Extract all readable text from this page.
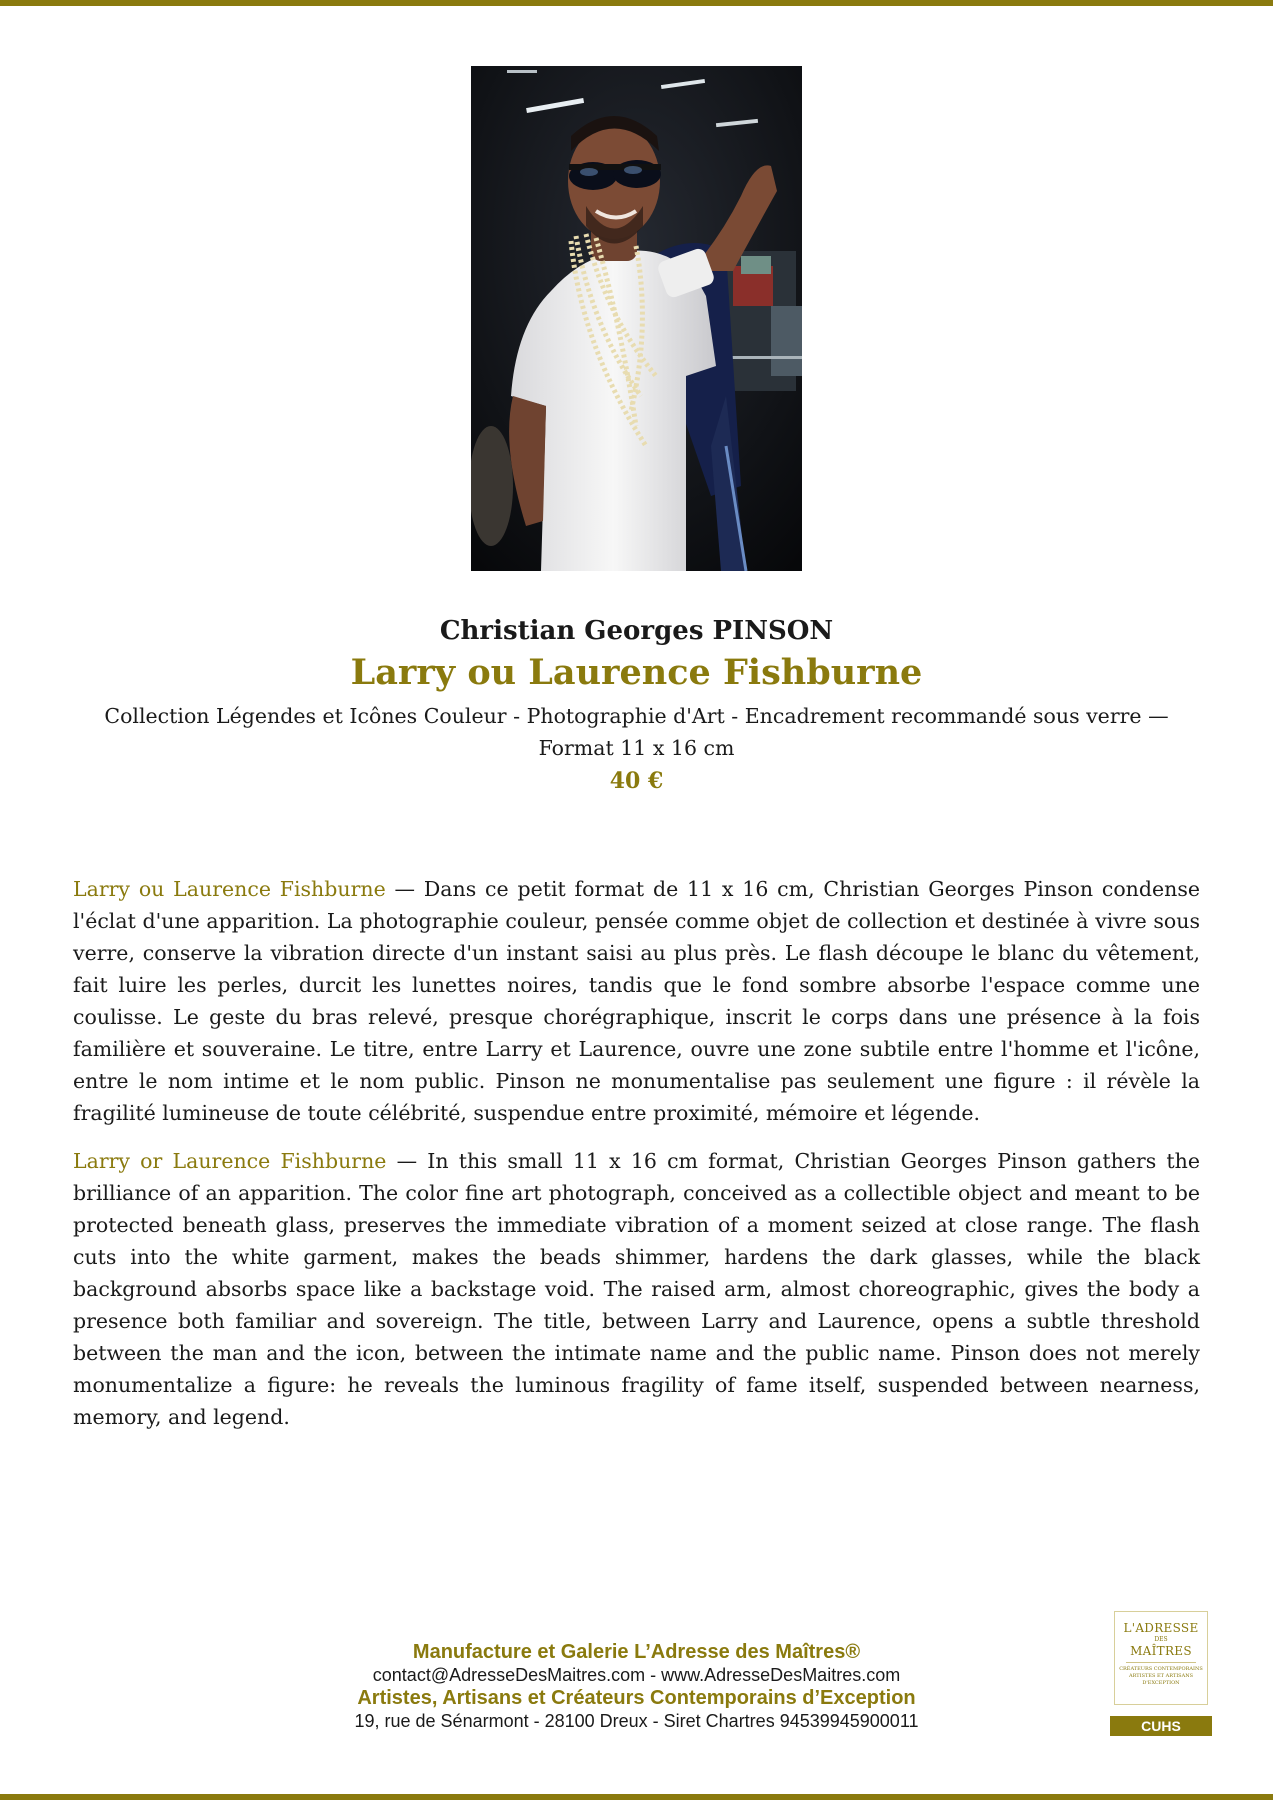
Christian Georges PINSON
Larry ou Laurence Fishburne
Collection Légendes et Icônes Couleur - Photographie d'Art - Encadrement recommandé sous verre — Format 11 x 16 cm
40 €

Larry ou Laurence Fishburne — Dans ce petit format de 11 x 16 cm, Christian Georges Pinson condense l'éclat d'une apparition. La photographie couleur, pensée comme objet de collection et destinée à vivre sous verre, conserve la vibration directe d'un instant saisi au plus près. Le flash découpe le blanc du vêtement, fait luire les perles, durcit les lunettes noires, tandis que le fond sombre absorbe l'espace comme une coulisse. Le geste du bras relevé, presque chorégraphique, inscrit le corps dans une présence à la fois familière et souveraine. Le titre, entre Larry et Laurence, ouvre une zone subtile entre l'homme et l'icône, entre le nom intime et le nom public. Pinson ne monumentalise pas seulement une figure : il révèle la fragilité lumineuse de toute célébrité, suspendue entre proximité, mémoire et légende.

Larry or Laurence Fishburne — In this small 11 x 16 cm format, Christian Georges Pinson gathers the brilliance of an apparition. The color fine art photograph, conceived as a collectible object and meant to be protected beneath glass, preserves the immediate vibration of a moment seized at close range. The flash cuts into the white garment, makes the beads shimmer, hardens the dark glasses, while the black background absorbs space like a backstage void. The raised arm, almost choreographic, gives the body a presence both familiar and sovereign. The title, between Larry and Laurence, opens a subtle threshold between the man and the icon, between the intimate name and the public name. Pinson does not merely monumentalize a figure: he reveals the luminous fragility of fame itself, suspended between nearness, memory, and legend.

Manufacture et Galerie L’Adresse des Maîtres®
contact@AdresseDesMaitres.com - www.AdresseDesMaitres.com
Artistes, Artisans et Créateurs Contemporains d’Exception
19, rue de Sénarmont - 28100 Dreux - Siret Chartres 94539945900011
L'ADRESSE
DES
MAÎTRES
CRÉATEURS CONTEMPORAINS ARTISTES ET ARTISANS D'EXCEPTION
CUHS
